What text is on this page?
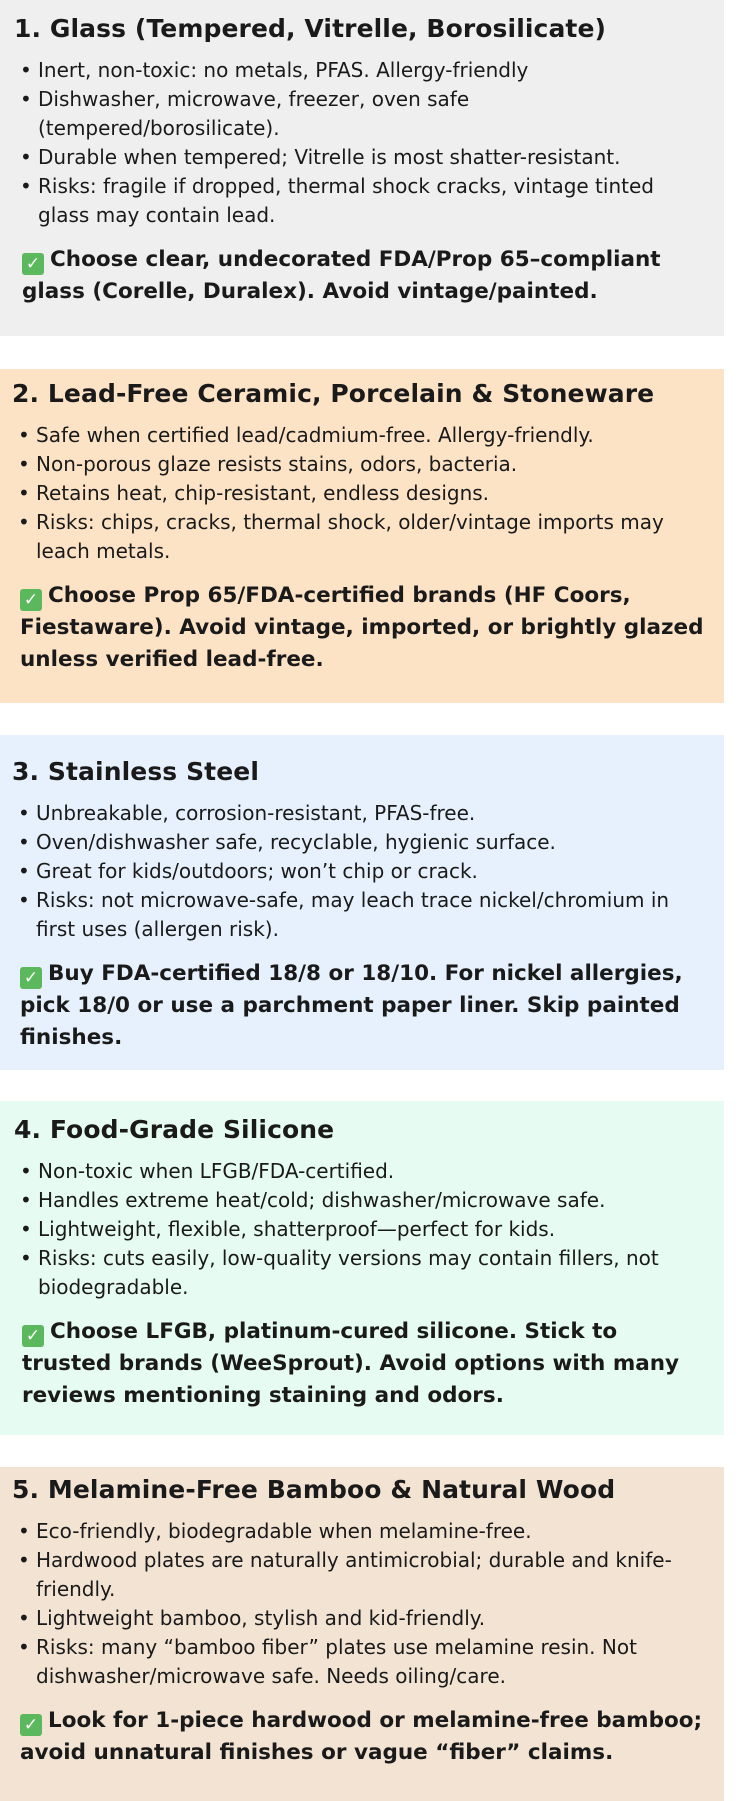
1. Glass (Tempered, Vitrelle, Borosilicate)
• Inert, non-toxic: no metals, PFAS. Allergy-friendly
• Dishwasher, microwave, freezer, oven safe (tempered/borosilicate).
• Durable when tempered; Vitrelle is most shatter-resistant.
• Risks: fragile if dropped, thermal shock cracks, vintage tinted glass may contain lead.
✓ Choose clear, undecorated FDA/Prop 65–compliant glass (Corelle, Duralex). Avoid vintage/painted.
2. Lead-Free Ceramic, Porcelain & Stoneware
• Safe when certified lead/cadmium-free. Allergy-friendly.
• Non-porous glaze resists stains, odors, bacteria.
• Retains heat, chip-resistant, endless designs.
• Risks: chips, cracks, thermal shock, older/vintage imports may leach metals.
✓ Choose Prop 65/FDA-certified brands (HF Coors, Fiestaware). Avoid vintage, imported, or brightly glazed unless verified lead-free.
3. Stainless Steel
• Unbreakable, corrosion-resistant, PFAS-free.
• Oven/dishwasher safe, recyclable, hygienic surface.
• Great for kids/outdoors; won’t chip or crack.
• Risks: not microwave-safe, may leach trace nickel/chromium in first uses (allergen risk).
✓ Buy FDA-certified 18/8 or 18/10. For nickel allergies, pick 18/0 or use a parchment paper liner. Skip painted finishes.
4. Food-Grade Silicone
• Non-toxic when LFGB/FDA-certified.
• Handles extreme heat/cold; dishwasher/microwave safe.
• Lightweight, flexible, shatterproof—perfect for kids.
• Risks: cuts easily, low-quality versions may contain fillers, not biodegradable.
✓ Choose LFGB, platinum-cured silicone. Stick to trusted brands (WeeSprout). Avoid options with many reviews mentioning staining and odors.
5. Melamine-Free Bamboo & Natural Wood
• Eco-friendly, biodegradable when melamine-free.
• Hardwood plates are naturally antimicrobial; durable and knife-friendly.
• Lightweight bamboo, stylish and kid-friendly.
• Risks: many “bamboo fiber” plates use melamine resin. Not dishwasher/microwave safe. Needs oiling/care.
✓ Look for 1-piece hardwood or melamine-free bamboo; avoid unnatural finishes or vague “fiber” claims.
